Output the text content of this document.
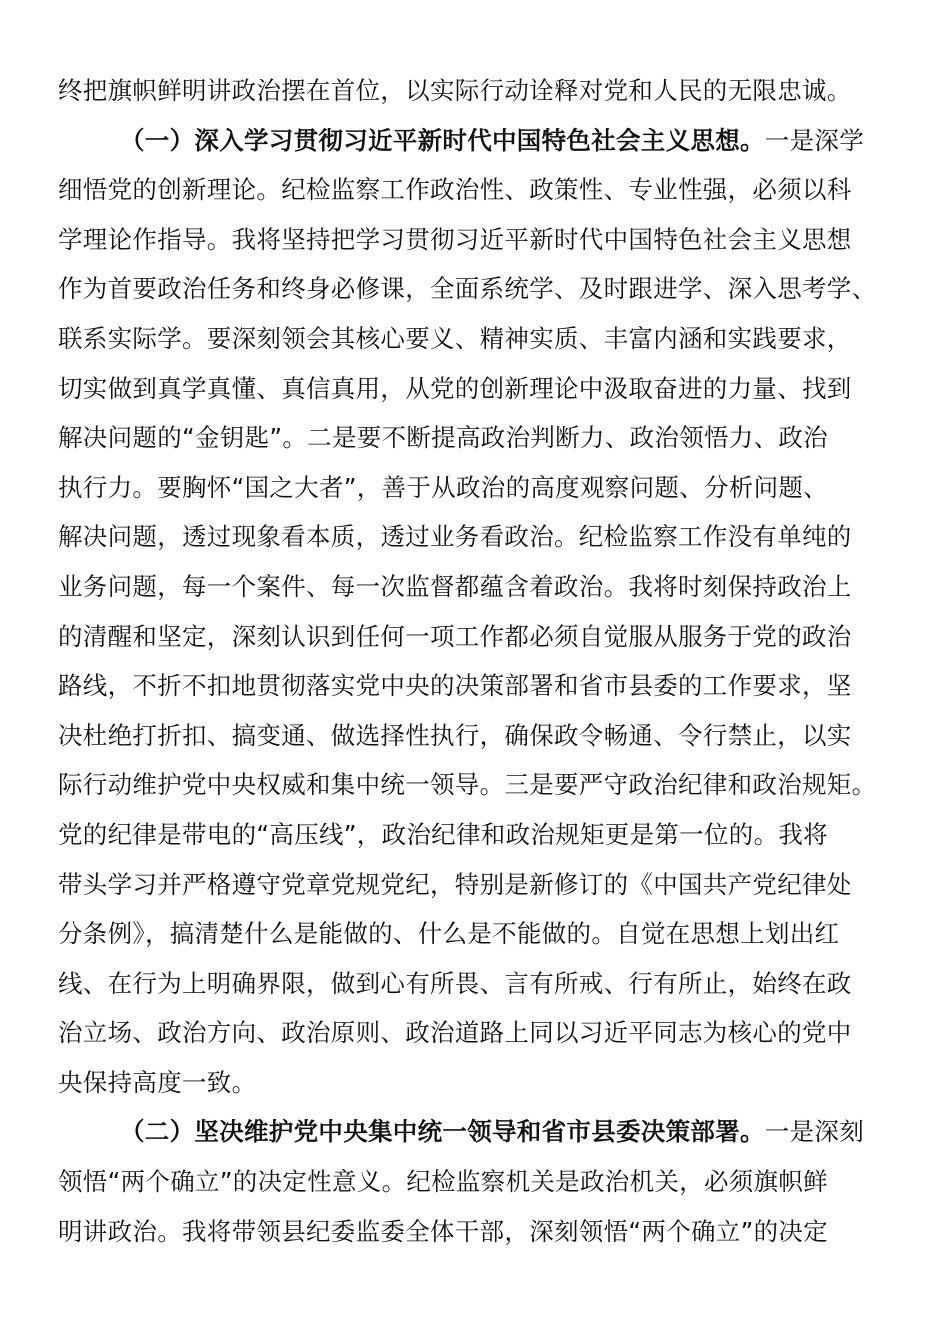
终把旗帜鲜明讲政治摆在首位，以实际行动诠释对党和人民的无限忠诚。
（一）深入学习贯彻习近平新时代中国特色社会主义思想。一是深学
细悟党的创新理论。纪检监察工作政治性、政策性、专业性强，必须以科
学理论作指导。我将坚持把学习贯彻习近平新时代中国特色社会主义思想
作为首要政治任务和终身必修课，全面系统学、及时跟进学、深入思考学、
联系实际学。要深刻领会其核心要义、精神实质、丰富内涵和实践要求，
切实做到真学真懂、真信真用，从党的创新理论中汲取奋进的力量、找到
解决问题的“金钥匙”。二是要不断提高政治判断力、政治领悟力、政治
执行力。要胸怀“国之大者”，善于从政治的高度观察问题、分析问题、
解决问题，透过现象看本质，透过业务看政治。纪检监察工作没有单纯的
业务问题，每一个案件、每一次监督都蕴含着政治。我将时刻保持政治上
的清醒和坚定，深刻认识到任何一项工作都必须自觉服从服务于党的政治
路线，不折不扣地贯彻落实党中央的决策部署和省市县委的工作要求，坚
决杜绝打折扣、搞变通、做选择性执行，确保政令畅通、令行禁止，以实
际行动维护党中央权威和集中统一领导。三是要严守政治纪律和政治规矩。
党的纪律是带电的“高压线”，政治纪律和政治规矩更是第一位的。我将
带头学习并严格遵守党章党规党纪，特别是新修订的《中国共产党纪律处
分条例》，搞清楚什么是能做的、什么是不能做的。自觉在思想上划出红
线、在行为上明确界限，做到心有所畏、言有所戒、行有所止，始终在政
治立场、政治方向、政治原则、政治道路上同以习近平同志为核心的党中
央保持高度一致。
（二）坚决维护党中央集中统一领导和省市县委决策部署。一是深刻
领悟“两个确立”的决定性意义。纪检监察机关是政治机关，必须旗帜鲜
明讲政治。我将带领县纪委监委全体干部，深刻领悟“两个确立”的决定
